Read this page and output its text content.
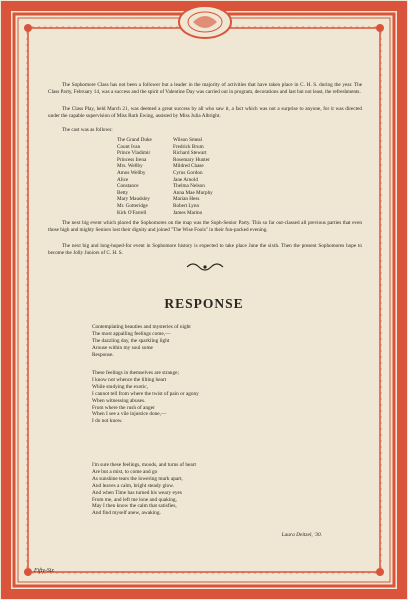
The Sophomore Class has not been a follower but a leader in the majority of activities that have taken place in C. H. S. during the year. The Class Party, February 14, was a success and the spirit of Valentine Day was carried out in program, decorations and last but not least, the refreshments.

The Class Play, held March 21, was deemed a great success by all who saw it, a fact which was not a surprise to anyone, for it was directed under the capable supervision of Miss Ruth Ewing, assisted by Miss Julia Albright.

The cast was as follows:

The Grand Duke	Wilson Smeal
Count Ivan	Fredrick Brum
Prince Vladimir	Richard Stewart
Princess Irena	Rosemary Hunter
Mrs. Wellby	Mildred Chase
Amos Wellby	Cyrus Gordon
Alice	Jane Arnold
Constance	Thelma Nelson
Betty	Anna Mae Murphy
Mary Maudsley	Marian Hess
Mr. Gotteridge	Robert Lynn
Kirk O'Farrell	James Marino

The next big event which placed the Sophomores on the map was the Soph-Senior Party. This so far out-classed all previous parties that even those high and mighty Seniors lost their dignity and joined "The Wise Fools" in their fun-packed evening.

The next big and long-hoped-for event in Sophomore history is expected to take place June the sixth. Then the present Sophomores hope to become the Jolly Juniors of C. H. S.

RESPONSE
Contemplating beauties and mysteries of night
The most appalling feelings come,—
The dazzling day, the sparkling light
Arouse within my soul some
Response.
These feelings in themselves are strange;
I know not whence the lilting heart
While studying the exotic,
I cannot tell from where the twist of pain or agony
When witnessing abuses.
From where the rush of anger
When I see a vile injustice done,—
I do not know.
I'm sure these feelings, moods, and turns of heart
Are but a mist, to come and go
As sunshine tears the lowering murk apart,
And leaves a calm, bright steady glow.
And when Time has turned his weary eyes
From me, and left me lone and quaking,
May I then know the calm that satisfies,
And find myself anew, awaking.
Laura Deitzel, '30.
Fifty-Six
